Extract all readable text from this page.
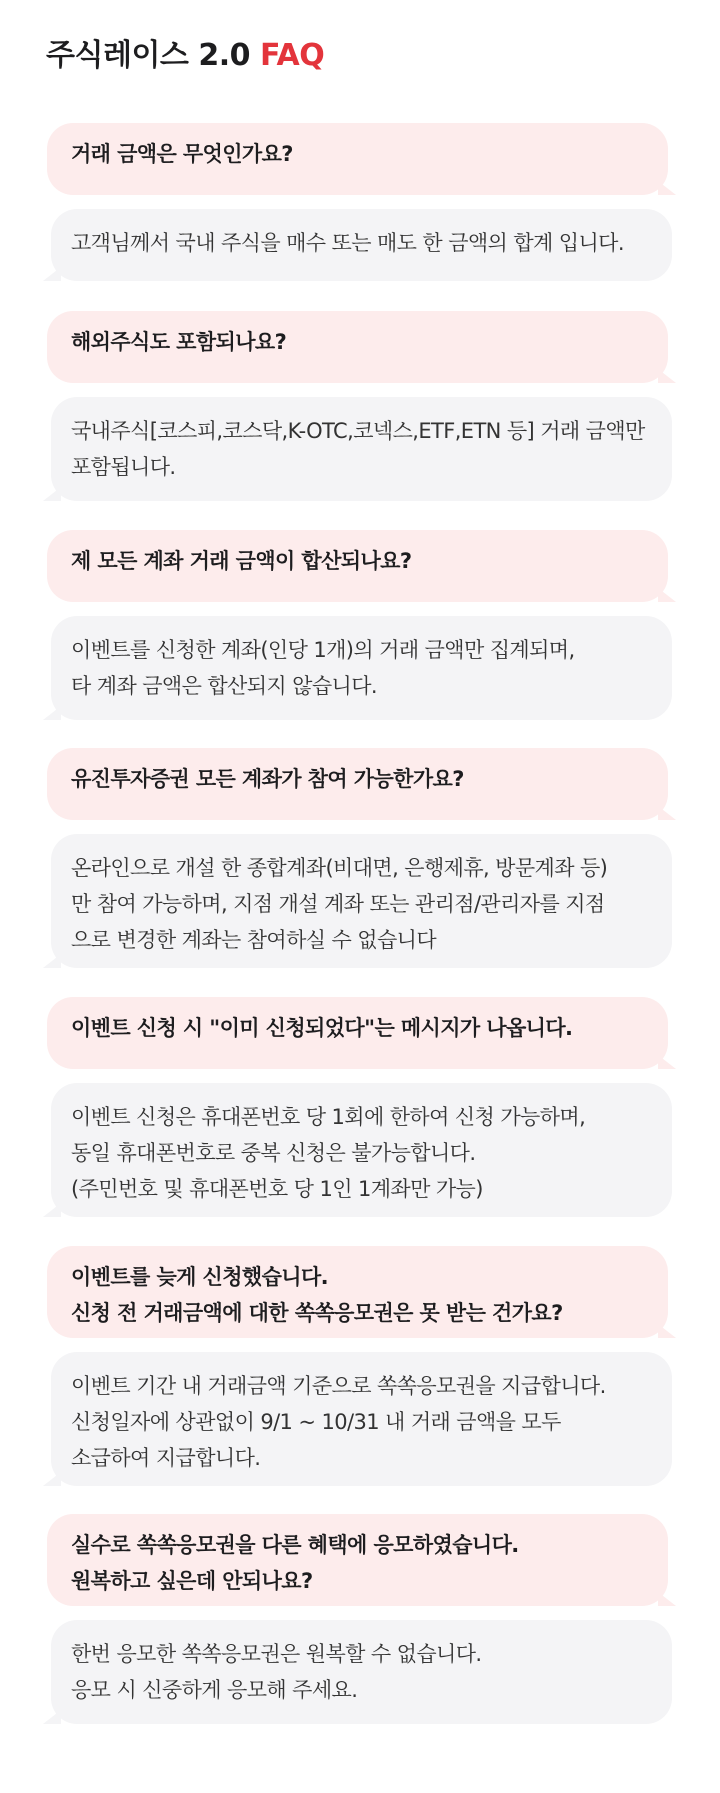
주식레이스 2.0 FAQ
거래 금액은 무엇인가요?
고객님께서 국내 주식을 매수 또는 매도 한 금액의 합계 입니다.
해외주식도 포함되나요?
국내주식[코스피,코스닥,K-OTC,코넥스,ETF,ETN 등] 거래 금액만
포함됩니다.
제 모든 계좌 거래 금액이 합산되나요?
이벤트를 신청한 계좌(인당 1개)의 거래 금액만 집계되며,
타 계좌 금액은 합산되지 않습니다.
유진투자증권 모든 계좌가 참여 가능한가요?
온라인으로 개설 한 종합계좌(비대면, 은행제휴, 방문계좌 등)
만 참여 가능하며, 지점 개설 계좌 또는 관리점/관리자를 지점
으로 변경한 계좌는 참여하실 수 없습니다
이벤트 신청 시 "이미 신청되었다"는 메시지가 나옵니다.
이벤트 신청은 휴대폰번호 당 1회에 한하여 신청 가능하며,
동일 휴대폰번호로 중복 신청은 불가능합니다.
(주민번호 및 휴대폰번호 당 1인 1계좌만 가능)
이벤트를 늦게 신청했습니다.
신청 전 거래금액에 대한 쏙쏙응모권은 못 받는 건가요?
이벤트 기간 내 거래금액 기준으로 쏙쏙응모권을 지급합니다.
신청일자에 상관없이 9/1 ~ 10/31 내 거래 금액을 모두
소급하여 지급합니다.
실수로 쏙쏙응모권을 다른 혜택에 응모하였습니다.
원복하고 싶은데 안되나요?
한번 응모한 쏙쏙응모권은 원복할 수 없습니다.
응모 시 신중하게 응모해 주세요.
